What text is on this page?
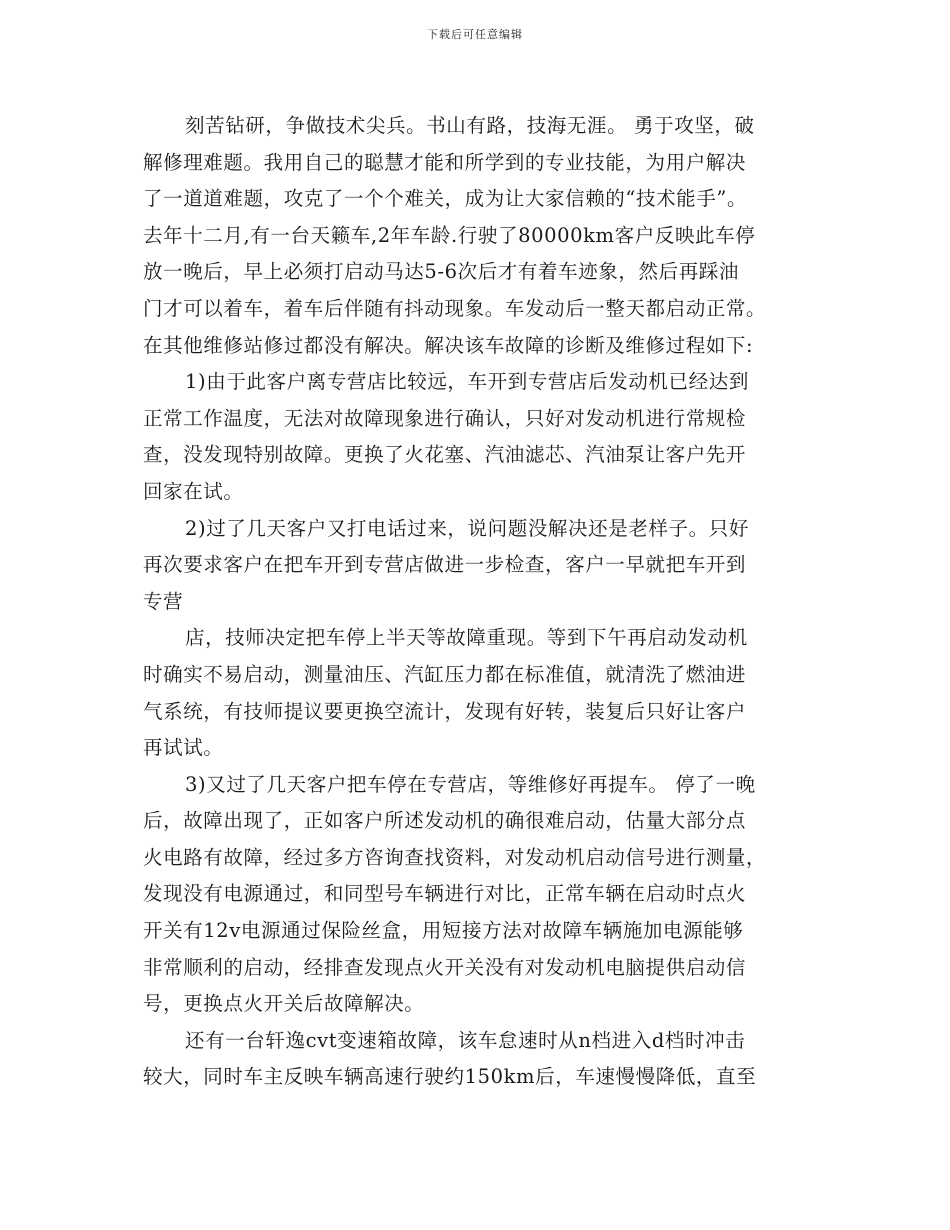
下载后可任意编辑
刻苦钻研，争做技术尖兵。书山有路，技海无涯。 勇于攻坚，破
解修理难题。我用自己的聪慧才能和所学到的专业技能，为用户解决
了一道道难题，攻克了一个个难关，成为让大家信赖的“技术能手”。
去年十二月,有一台天籁车,2年车龄.行驶了80000km客户反映此车停
放一晚后，早上必须打启动马达5-6次后才有着车迹象，然后再踩油
门才可以着车，着车后伴随有抖动现象。车发动后一整天都启动正常。
在其他维修站修过都没有解决。解决该车故障的诊断及维修过程如下:
1)由于此客户离专营店比较远，车开到专营店后发动机已经达到
正常工作温度，无法对故障现象进行确认，只好对发动机进行常规检
查，没发现特别故障。更换了火花塞、汽油滤芯、汽油泵让客户先开
回家在试。
2)过了几天客户又打电话过来，说问题没解决还是老样子。只好
再次要求客户在把车开到专营店做进一步检查，客户一早就把车开到
专营
店，技师决定把车停上半天等故障重现。等到下午再启动发动机
时确实不易启动，测量油压、汽缸压力都在标准值，就清洗了燃油进
气系统，有技师提议要更换空流计，发现有好转，装复后只好让客户
再试试。
3)又过了几天客户把车停在专营店，等维修好再提车。 停了一晚
后，故障出现了，正如客户所述发动机的确很难启动，估量大部分点
火电路有故障，经过多方咨询查找资料，对发动机启动信号进行测量，
发现没有电源通过，和同型号车辆进行对比，正常车辆在启动时点火
开关有12v电源通过保险丝盒，用短接方法对故障车辆施加电源能够
非常顺利的启动，经排查发现点火开关没有对发动机电脑提供启动信
号，更换点火开关后故障解决。
还有一台轩逸cvt变速箱故障，该车怠速时从n档进入d档时冲击
较大，同时车主反映车辆高速行驶约150km后，车速慢慢降低，直至
